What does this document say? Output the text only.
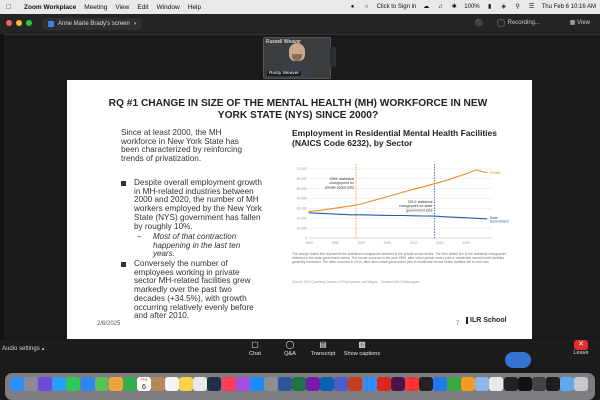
Zoom Workplace Meeting View Edit Window Help	●	○	Click to Sign in ☁ ♫ ✱ 100%	▮	◈ ⚲ ☰ Thu Feb 6 10:16 AM
Anne Marie Brady's screen ▾	⚫	Recording...	▦ View
Russell Weaver
Rusty Weaver
RQ #1 CHANGE IN SIZE OF THE MENTAL HEALTH (MH) WORKFORCE IN NEW YORK STATE (NYS) SINCE 2000?
Since at least 2000, the MH workforce in New York State has been characterized by reinforcing trends of privatization.
Despite overall employment growth in MH-related industries between 2000 and 2020, the number of MH workers employed by the New York State (NYS) government has fallen by roughly 10%.
– Most of that contraction happening in the last ten years.
Conversely the number of employees working in private sector MH-related facilities grew markedly over the past two decades (+34.5%), with growth occurring relatively evenly before and after 2010.
Employment in Residential Mental Health Facilities (NAICS Code 6232), by Sector
0
10,000
20,000
30,000
40,000
50,000
60,000
70,000
1990	1995	2000	2005	2010	2015	2020
1999: statistical
changepoint for
private sector jobs
2014: statistical
changepoint for state
government jobs
Private
State
Government
The orange dotted line represents the statistical changepoint detected in the private sector series. The blue dotted line is the statistical changepoint detected in the state government series. The former occurred in the year 1999, after which private sector jobs in residential mental health facilities generally increased. The latter occurred in 2014, after which state government jobs in residential mental health facilities fell to new lows.
Source: BLS Quarterly Census of Employment and Wages – Created with Datawrapper
2/6/2025	7	ILR School
Audio settings ▴	▢
Chat
◯
Q&A
▤
Transcript
▩
Show captions
✕
Leave
FEB
6
